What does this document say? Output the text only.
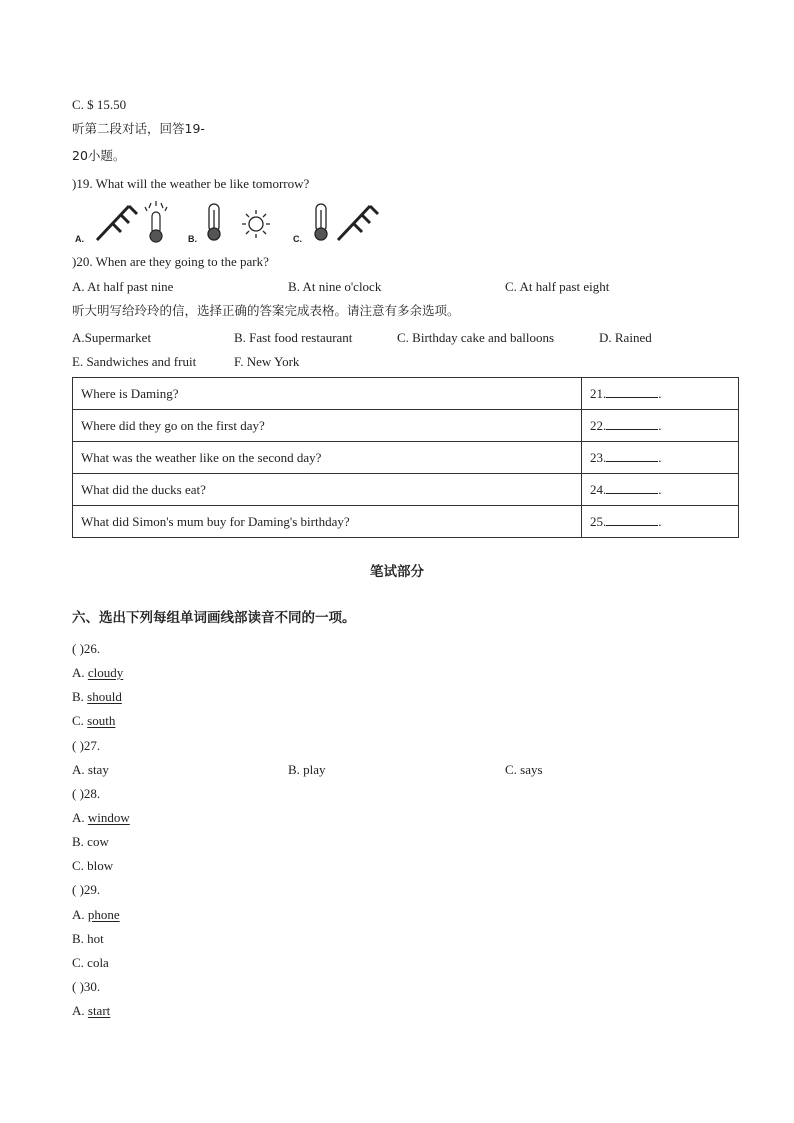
C. $ 15.50
听第二段对话，回答19-
20小题。
)19. What will the weather be like tomorrow?
A.	B.	C.
)20. When are they going to the park?
A. At half past nine	B. At nine o'clock	C. At half past eight
听大明写给玲玲的信，选择正确的答案完成表格。请注意有多余选项。
A.Supermarket	B. Fast food restaurant	C. Birthday cake and balloons	D. Rained
E. Sandwiches and fruit	F. New York
Where is Daming?	21. .
Where did they go on the first day?	22. .
What was the weather like on the second day?	23. .
What did the ducks eat?	24. .
What did Simon's mum buy for Daming's birthday?	25. .
笔试部分
六、选出下列每组单词画线部读音不同的一项。
( )26.
A. cloudy
B. should
C. south
( )27.
A. stay	B. play	C. says
( )28.
A. window
B. cow
C. blow
( )29.
A. phone
B. hot
C. cola
( )30.
A. start
